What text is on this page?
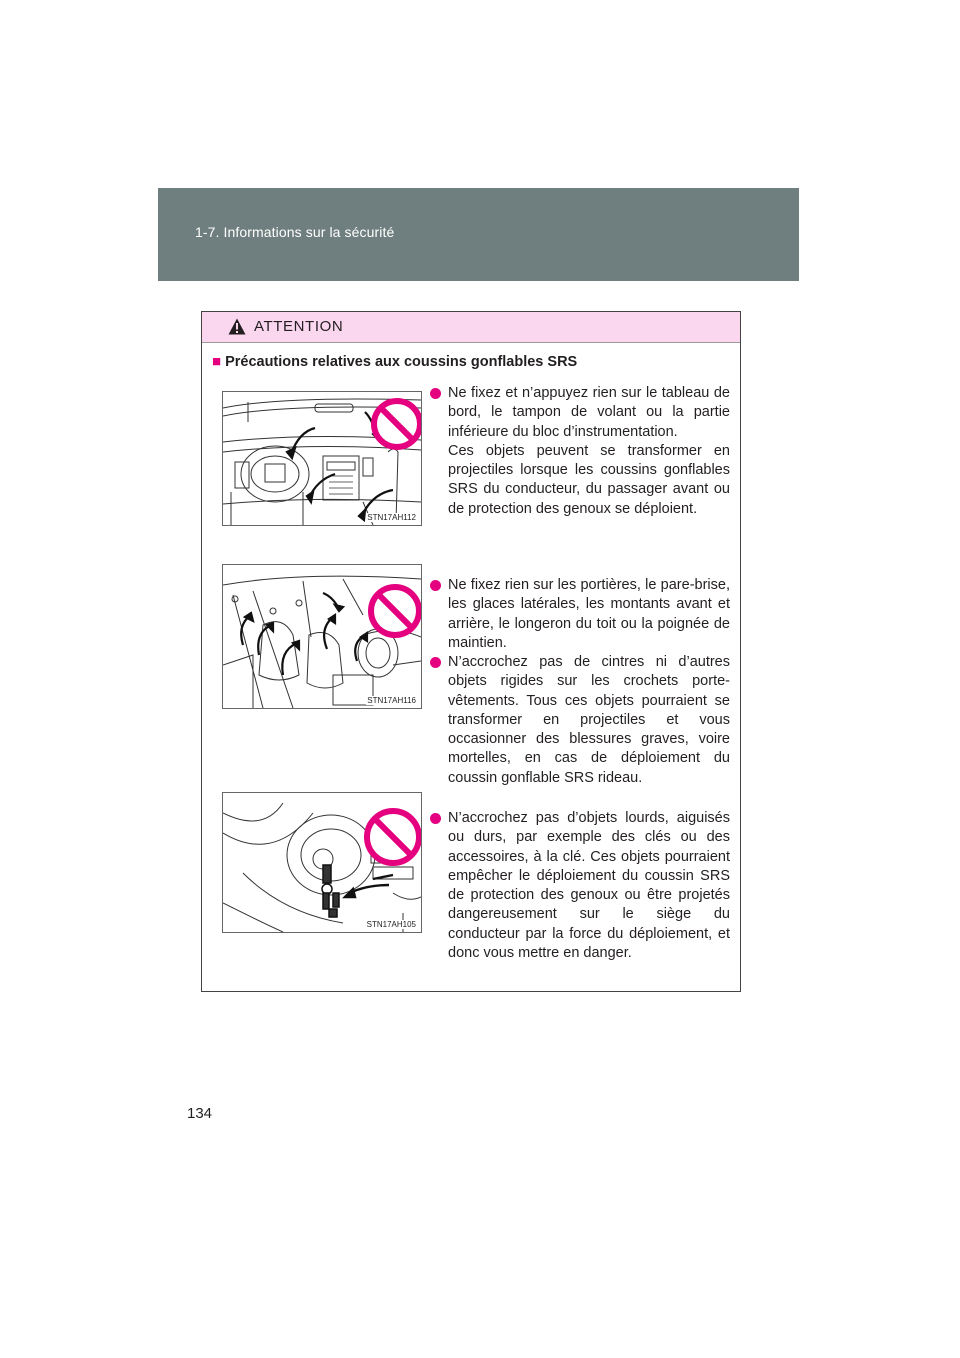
1-7. Informations sur la sécurité
ATTENTION
■ Précautions relatives aux coussins gonflables SRS
STN17AH112
STN17AH116
STN17AH105

Ne fixez et n’appuyez rien sur le tableau de bord, le tampon de volant ou la partie inférieure du bloc d’instrumentation.

Ces objets peuvent se transformer en projectiles lorsque les coussins gonflables SRS du conducteur, du passager avant ou de protection des genoux se déploient.

Ne fixez rien sur les portières, le pare-brise, les glaces latérales, les montants avant et arrière, le longeron du toit ou la poignée de maintien.

N’accrochez pas de cintres ni d’autres objets rigides sur les crochets porte-vêtements. Tous ces objets pourraient se transformer en projectiles et vous occasionner des blessures graves, voire mortelles, en cas de déploiement du coussin gonflable SRS rideau.

N’accrochez pas d’objets lourds, aiguisés ou durs, par exemple des clés ou des accessoires, à la clé. Ces objets pourraient empêcher le déploiement du coussin SRS de protection des genoux ou être projetés dangereusement sur le siège du conducteur par la force du déploiement, et donc vous mettre en danger.

134
